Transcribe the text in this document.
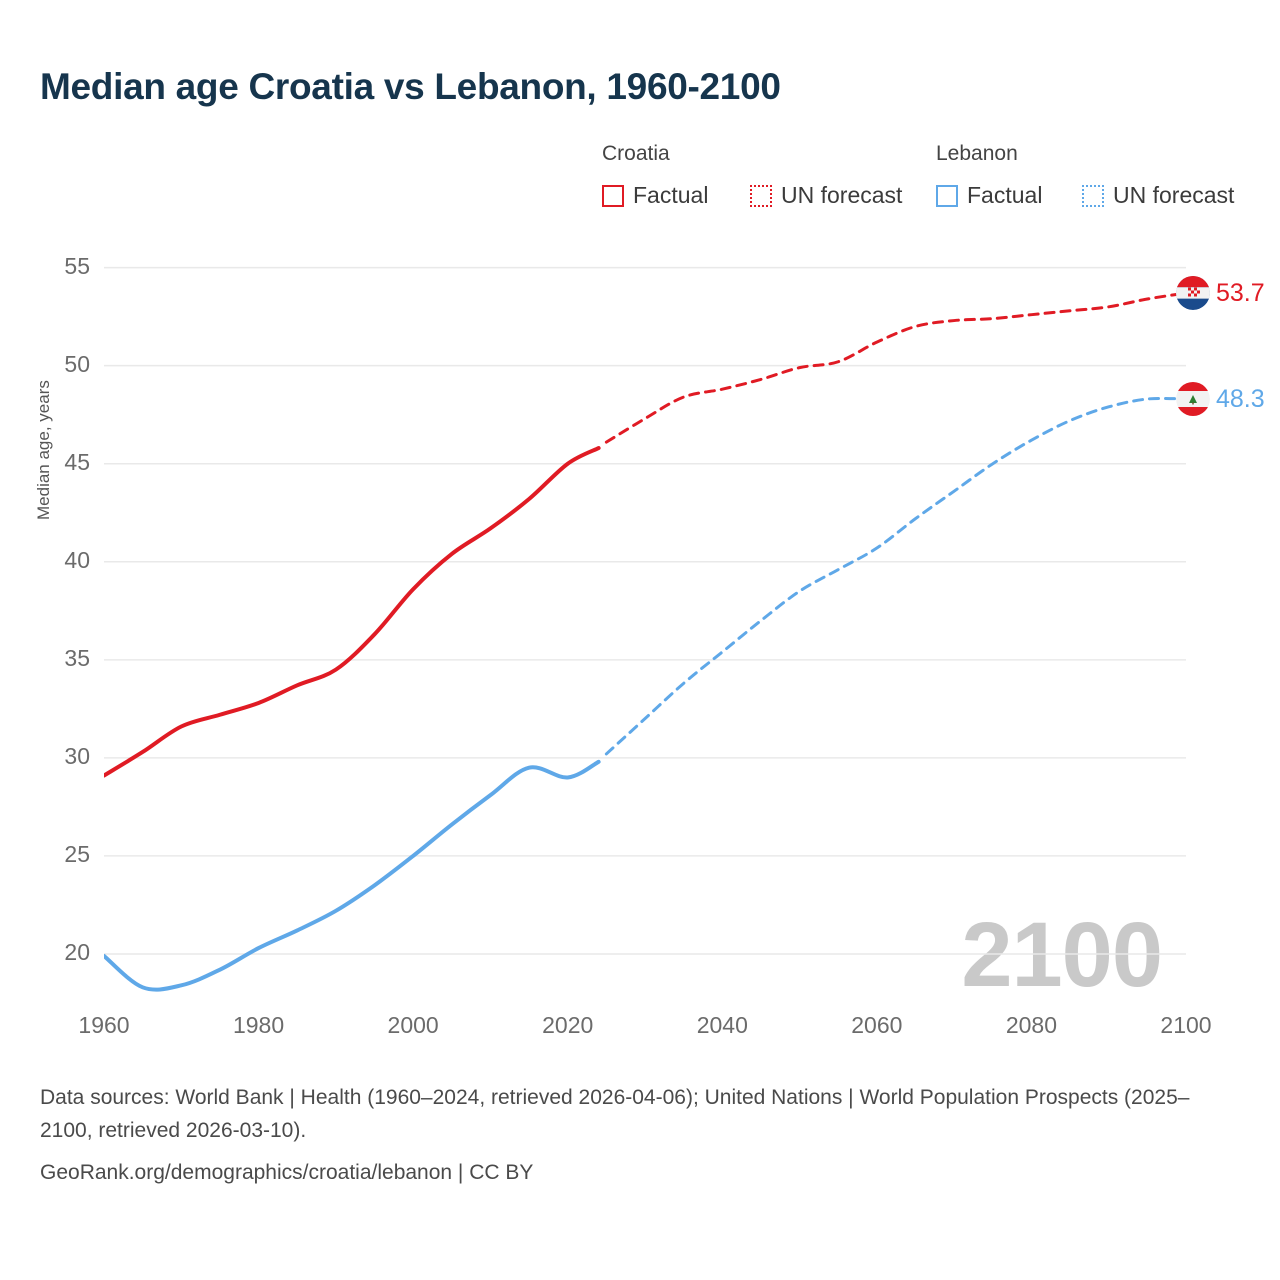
Median age Croatia vs Lebanon, 1960-2100
Croatia	Lebanon
Factual	UN forecast	Factual	UN forecast
Median age, years
20
25
30
35
40
45
50
55
1960	1980	2000	2020	2040	2060	2080	2100
2100
53.7
48.3
Data sources: World Bank | Health (1960–2024, retrieved 2026-04-06); United Nations | World Population Prospects (2025–2100, retrieved 2026-03-10).
GeoRank.org/demographics/croatia/lebanon | CC BY
